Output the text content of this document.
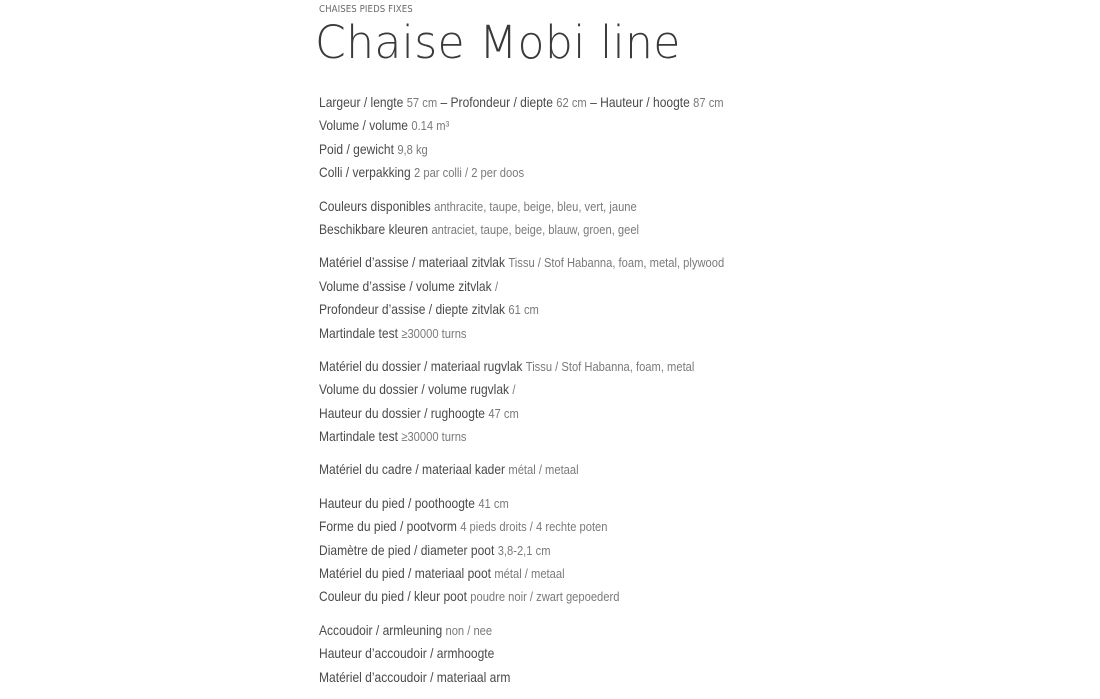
CHAISES PIEDS FIXES
Chaise Mobi line
Largeur / lengte 57 cm – Profondeur / diepte 62 cm – Hauteur / hoogte 87 cm
Volume / volume 0.14 m³
Poid / gewicht 9,8 kg
Colli / verpakking 2 par colli / 2 per doos
Couleurs disponibles anthracite, taupe, beige, bleu, vert, jaune
Beschikbare kleuren antraciet, taupe, beige, blauw, groen, geel
Matériel d’assise / materiaal zitvlak Tissu / Stof Habanna, foam, metal, plywood
Volume d’assise / volume zitvlak /
Profondeur d’assise / diepte zitvlak 61 cm
Martindale test ≥30000 turns
Matériel du dossier / materiaal rugvlak Tissu / Stof Habanna, foam, metal
Volume du dossier / volume rugvlak /
Hauteur du dossier / rughoogte 47 cm
Martindale test ≥30000 turns
Matériel du cadre / materiaal kader métal / metaal
Hauteur du pied / poothoogte 41 cm
Forme du pied / pootvorm 4 pieds droits / 4 rechte poten
Diamètre de pied / diameter poot 3,8-2,1 cm
Matériel du pied / materiaal poot métal / metaal
Couleur du pied / kleur poot poudre noir / zwart gepoederd
Accoudoir / armleuning non / nee
Hauteur d’accoudoir / armhoogte
Matériel d’accoudoir / materiaal arm
